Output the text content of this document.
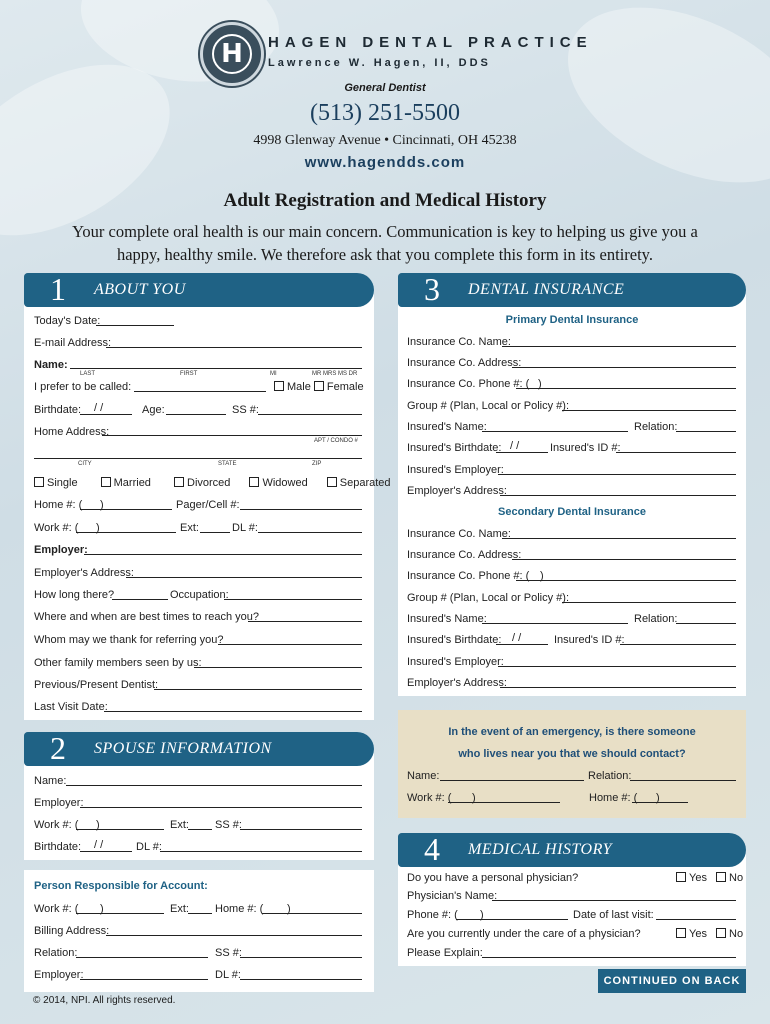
H	HAGEN DENTAL PRACTICE
Lawrence W. Hagen, II, DDS
General Dentist
(513) 251-5500
4998 Glenway Avenue • Cincinnati, OH 45238
www.hagendds.com
Adult Registration and Medical History
Your complete oral health is our main concern. Communication is key to helping us give you a happy, healthy smile. We therefore ask that you complete this form in its entirety.
1 ABOUT YOU
Today's Date:
E-mail Address:
Name:
LAST	FIRST	MI	MR MRS MS DR
I prefer to be called:	Male Female
Birthdate: / /	Age:	SS #:
Home Address:
APT / CONDO #
CITY	STATE	ZIP
Single	Married	Divorced	Widowed	Separated
Home #: ( )	Pager/Cell #:
Work #: ( )	Ext:	DL #:
Employer:
Employer's Address:
How long there?	Occupation:
Where and when are best times to reach you?
Whom may we thank for referring you?
Other family members seen by us:
Previous/Present Dentist:
Last Visit Date:
2 SPOUSE INFORMATION
Name:
Employer:
Work #: ( )	Ext: SS #:
Birthdate: / /	DL #:
Person Responsible for Account:
Work #: ( )	Ext: Home #: ( )
Billing Address:
Relation:	SS #:
Employer:	DL #:
3 DENTAL INSURANCE
Primary Dental Insurance
Insurance Co. Name:
Insurance Co. Address:
Insurance Co. Phone #: ( )
Group # (Plan, Local or Policy #):
Insured's Name:	Relation:
Insured's Birthdate: / /	Insured's ID #:
Insured's Employer:
Employer's Address:
Secondary Dental Insurance
Insurance Co. Name:
Insurance Co. Address:
Insurance Co. Phone #: ( )
Group # (Plan, Local or Policy #):
Insured's Name:	Relation:
Insured's Birthdate: / /	Insured's ID #:
Insured's Employer:
Employer's Address:
In the event of an emergency, is there someone
who lives near you that we should contact?
Name:	Relation:
Work #: ( )	Home #: ( )
4 MEDICAL HISTORY
Do you have a personal physician?	Yes No
Physician's Name:
Phone #: ( )	Date of last visit:
Are you currently under the care of a physician?	Yes No
Please Explain:
CONTINUED ON BACK
© 2014, NPI. All rights reserved.
